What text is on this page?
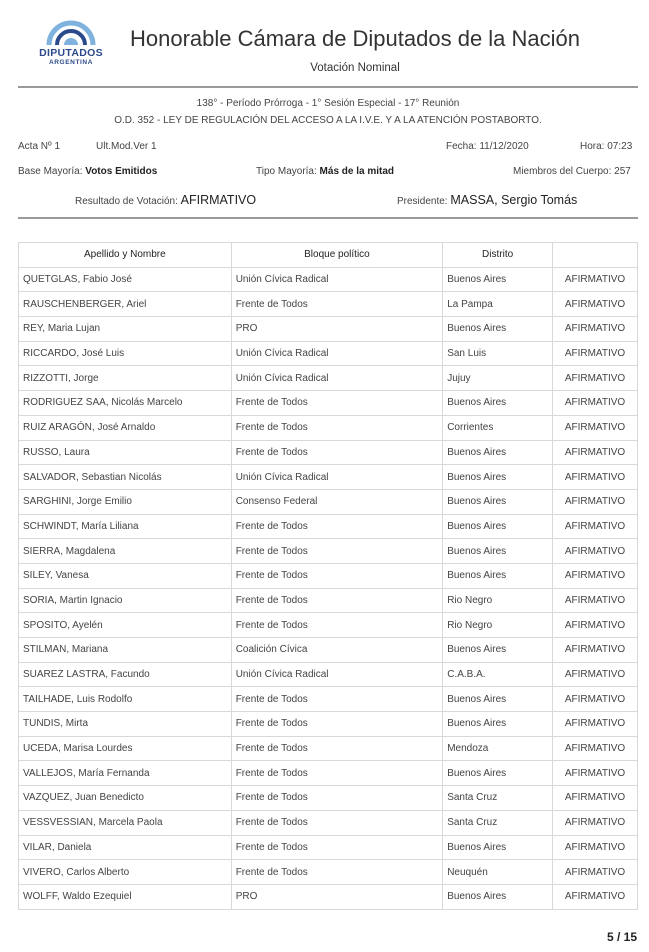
DIPUTADOS
ARGENTINA
Honorable Cámara de Diputados de la Nación
Votación Nominal
138° - Período Prórroga - 1° Sesión Especial - 17° Reunión
O.D. 352 - LEY DE REGULACIÓN DEL ACCESO A LA I.V.E. Y A LA ATENCIÓN POSTABORTO.
Acta Nº 1	Ult.Mod.Ver 1	Fecha: 11/12/2020	Hora: 07:23
Base Mayoría: Votos Emitidos	Tipo Mayoría: Más de la mitad	Miembros del Cuerpo: 257
Resultado de Votación: AFIRMATIVO	Presidente: MASSA, Sergio Tomás
Apellido y Nombre	Bloque político	Distrito	
QUETGLAS, Fabio José	Unión Cívica Radical	Buenos Aires	AFIRMATIVO
RAUSCHENBERGER, Ariel	Frente de Todos	La Pampa	AFIRMATIVO
REY, Maria Lujan	PRO	Buenos Aires	AFIRMATIVO
RICCARDO, José Luis	Unión Cívica Radical	San Luis	AFIRMATIVO
RIZZOTTI, Jorge	Unión Cívica Radical	Jujuy	AFIRMATIVO
RODRIGUEZ SAA, Nicolás Marcelo	Frente de Todos	Buenos Aires	AFIRMATIVO
RUIZ ARAGÓN, José Arnaldo	Frente de Todos	Corrientes	AFIRMATIVO
RUSSO, Laura	Frente de Todos	Buenos Aires	AFIRMATIVO
SALVADOR, Sebastian Nicolás	Unión Cívica Radical	Buenos Aires	AFIRMATIVO
SARGHINI, Jorge Emilio	Consenso Federal	Buenos Aires	AFIRMATIVO
SCHWINDT, María Liliana	Frente de Todos	Buenos Aires	AFIRMATIVO
SIERRA, Magdalena	Frente de Todos	Buenos Aires	AFIRMATIVO
SILEY, Vanesa	Frente de Todos	Buenos Aires	AFIRMATIVO
SORIA, Martin Ignacio	Frente de Todos	Rio Negro	AFIRMATIVO
SPOSITO, Ayelén	Frente de Todos	Rio Negro	AFIRMATIVO
STILMAN, Mariana	Coalición Cívica	Buenos Aires	AFIRMATIVO
SUAREZ LASTRA, Facundo	Unión Cívica Radical	C.A.B.A.	AFIRMATIVO
TAILHADE, Luis Rodolfo	Frente de Todos	Buenos Aires	AFIRMATIVO
TUNDIS, Mirta	Frente de Todos	Buenos Aires	AFIRMATIVO
UCEDA, Marisa Lourdes	Frente de Todos	Mendoza	AFIRMATIVO
VALLEJOS, María Fernanda	Frente de Todos	Buenos Aires	AFIRMATIVO
VAZQUEZ, Juan Benedicto	Frente de Todos	Santa Cruz	AFIRMATIVO
VESSVESSIAN, Marcela Paola	Frente de Todos	Santa Cruz	AFIRMATIVO
VILAR, Daniela	Frente de Todos	Buenos Aires	AFIRMATIVO
VIVERO, Carlos Alberto	Frente de Todos	Neuquén	AFIRMATIVO
WOLFF, Waldo Ezequiel	PRO	Buenos Aires	AFIRMATIVO
5 / 15
